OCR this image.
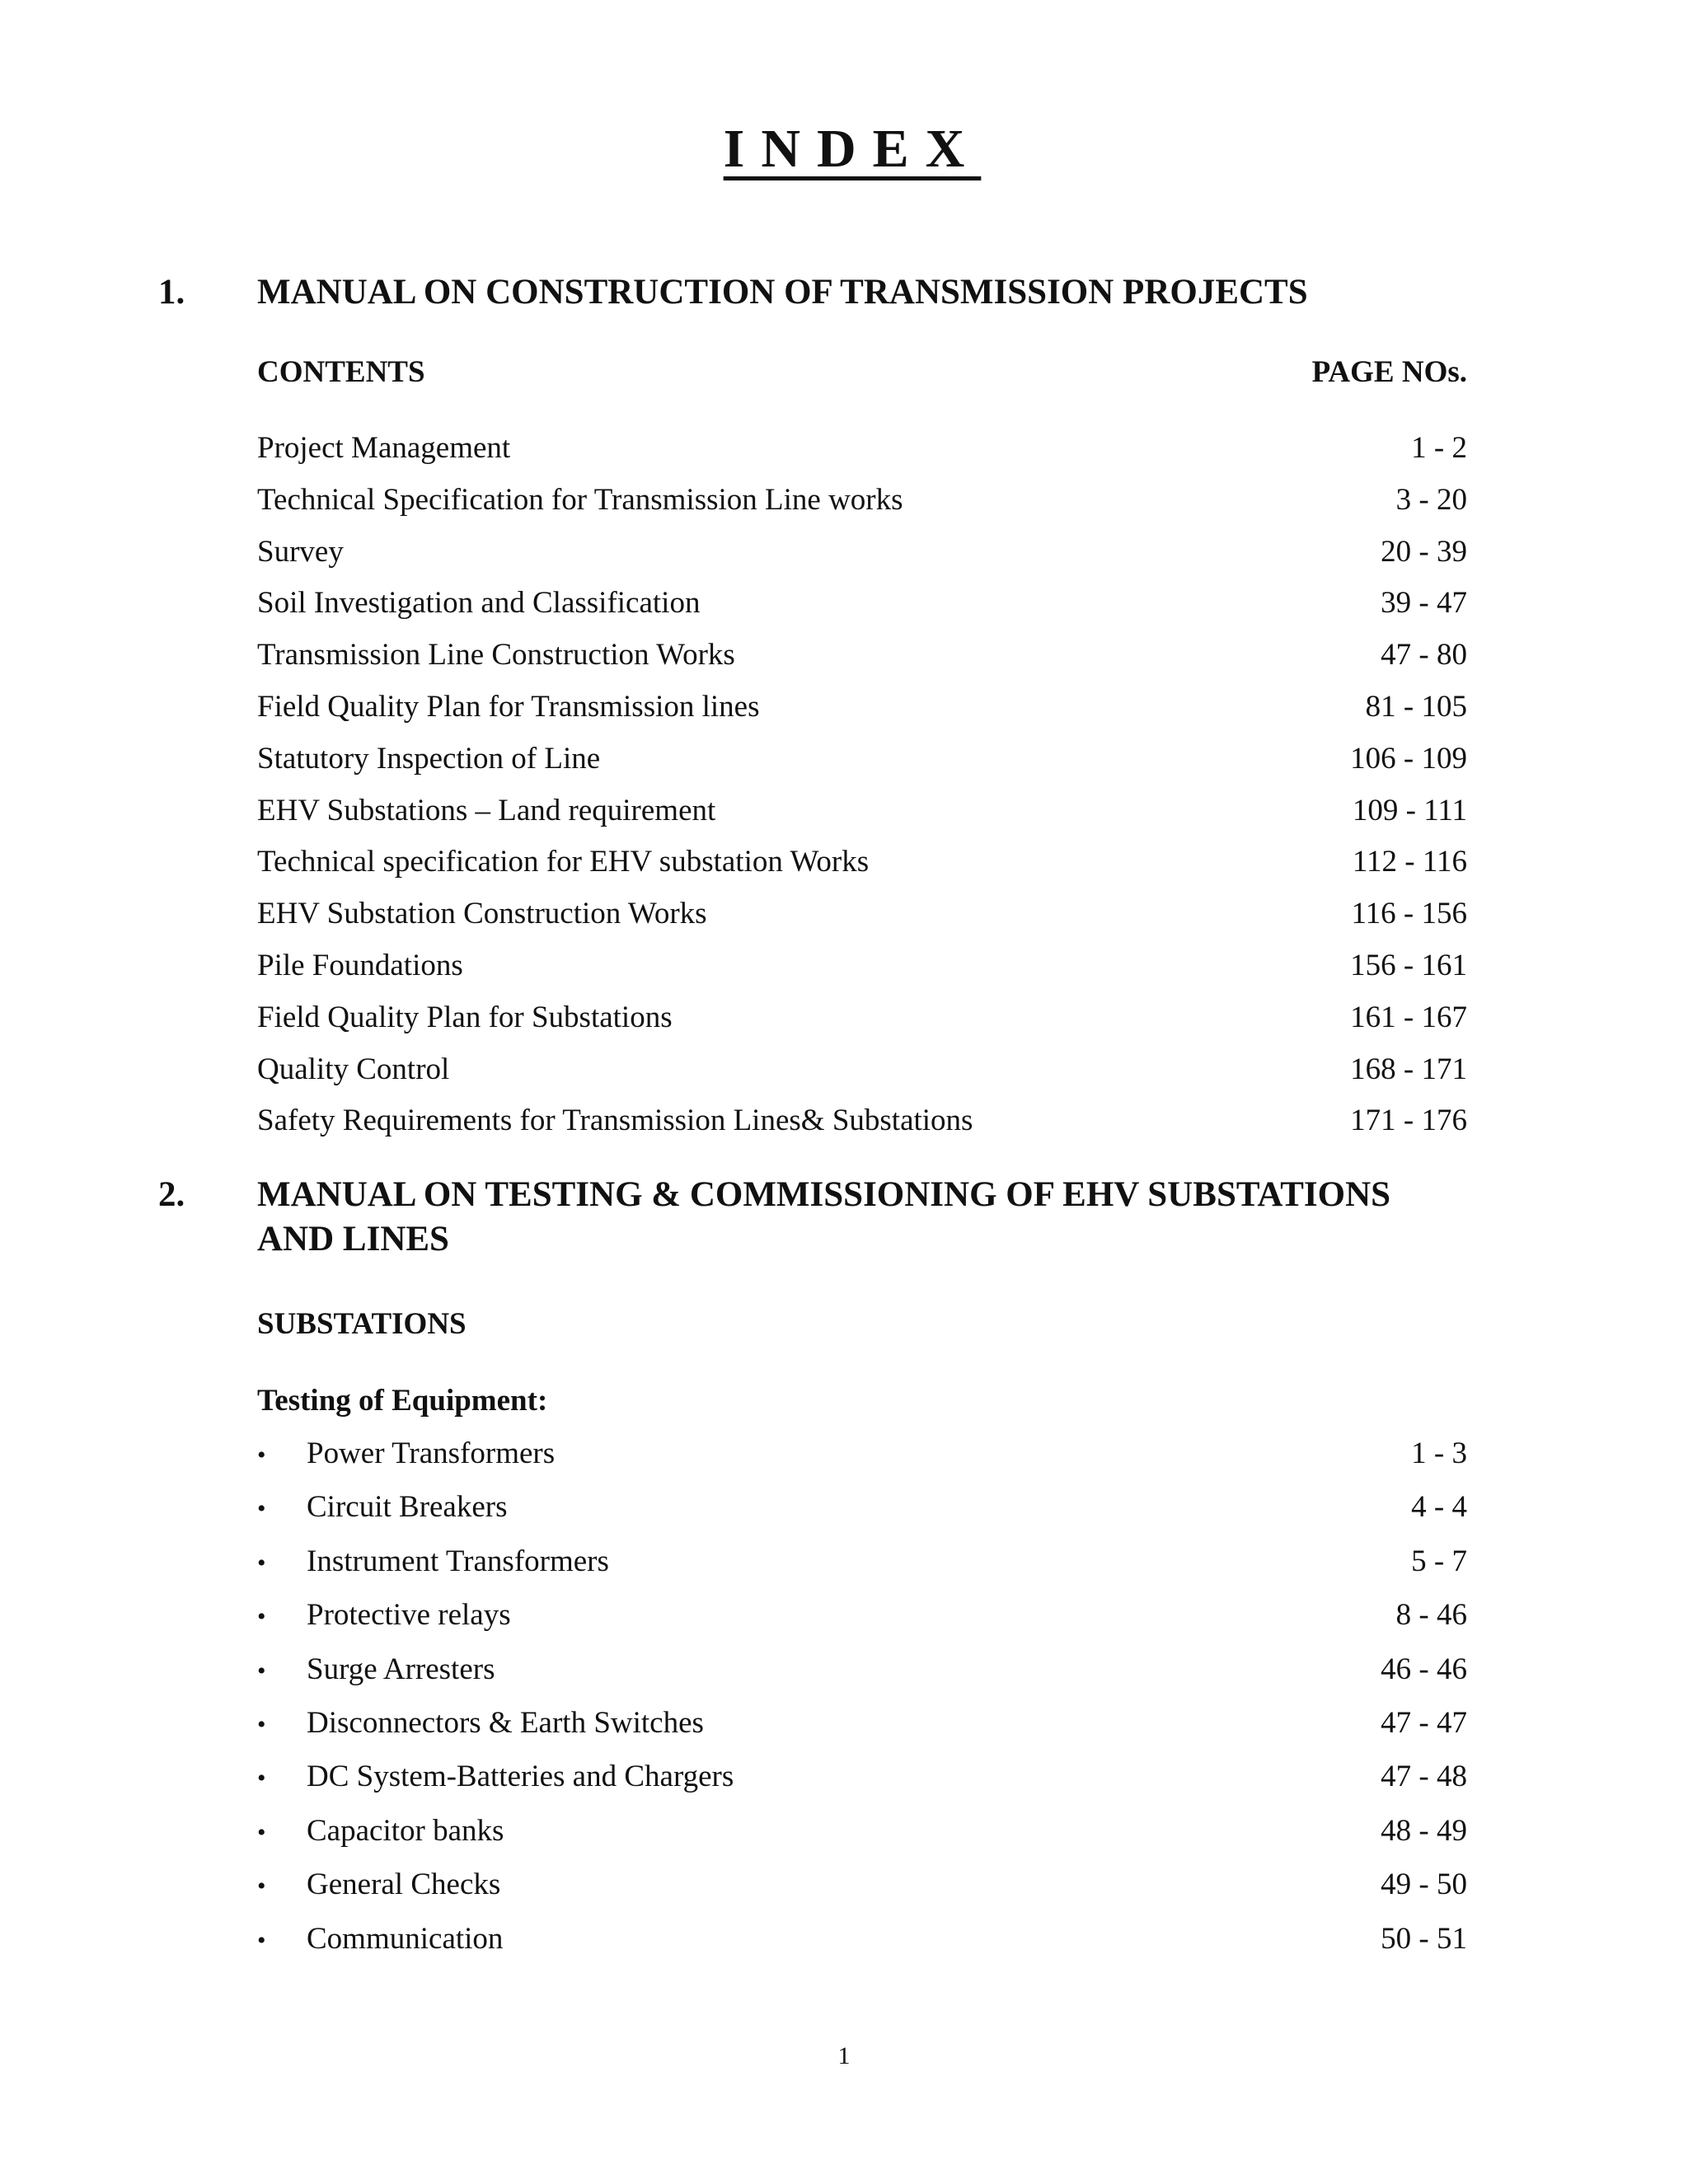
INDEX
1. MANUAL ON CONSTRUCTION OF TRANSMISSION PROJECTS
CONTENTS	PAGE NOs.
Project Management	1 - 2
Technical Specification for Transmission Line works	3 - 20
Survey	20 - 39
Soil Investigation and Classification	39 - 47
Transmission Line Construction Works	47 - 80
Field Quality Plan for Transmission lines	81 - 105
Statutory Inspection of Line	106 - 109
EHV Substations – Land requirement	109 - 111
Technical specification for EHV substation Works	112 - 116
EHV Substation Construction Works	116 - 156
Pile Foundations	156 - 161
Field Quality Plan for Substations	161 - 167
Quality Control	168 - 171
Safety Requirements for Transmission Lines& Substations	171 - 176
2. MANUAL ON TESTING & COMMISSIONING OF EHV SUBSTATIONS
AND LINES
SUBSTATIONS
Testing of Equipment:
•	Power Transformers	1 - 3
•	Circuit Breakers	4 - 4
•	Instrument Transformers	5 - 7
•	Protective relays	8 - 46
•	Surge Arresters	46 - 46
•	Disconnectors & Earth Switches	47 - 47
•	DC System-Batteries and Chargers	47 - 48
•	Capacitor banks	48 - 49
•	General Checks	49 - 50
•	Communication	50 - 51
1
